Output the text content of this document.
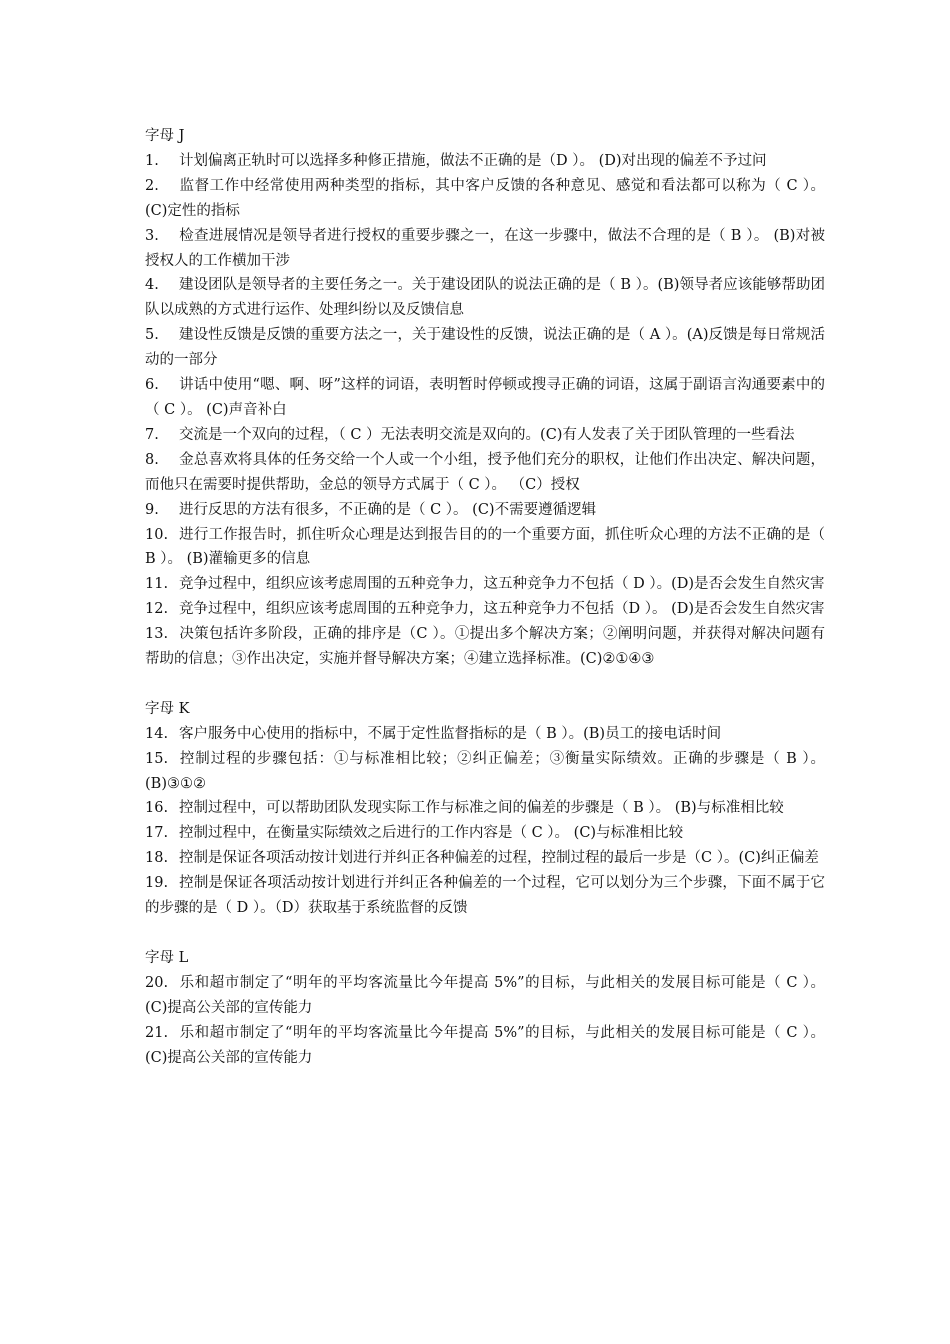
字母 J

1. 计划偏离正轨时可以选择多种修正措施，做法不正确的是（D ）。 (D)对出现的偏差不予过问

2. 监督工作中经常使用两种类型的指标，其中客户反馈的各种意见、感觉和看法都可以称为（ C ）。 (C)定性的指标

3. 检查进展情况是领导者进行授权的重要步骤之一，在这一步骤中，做法不合理的是（ B ）。 (B)对被授权人的工作横加干涉

4. 建设团队是领导者的主要任务之一。关于建设团队的说法正确的是（ B ）。(B)领导者应该能够帮助团队以成熟的方式进行运作、处理纠纷以及反馈信息

5. 建设性反馈是反馈的重要方法之一，关于建设性的反馈，说法正确的是（ A ）。(A)反馈是每日常规活动的一部分

6. 讲话中使用“嗯、啊、呀”这样的词语，表明暂时停顿或搜寻正确的词语，这属于副语言沟通要素中的（ C ）。 (C)声音补白

7. 交流是一个双向的过程，（ C ）无法表明交流是双向的。(C)有人发表了关于团队管理的一些看法

8. 金总喜欢将具体的任务交给一个人或一个小组，授予他们充分的职权，让他们作出决定、解决问题，而他只在需要时提供帮助，金总的领导方式属于（ C ）。 （C）授权

9. 进行反思的方法有很多，不正确的是（ C ）。 (C)不需要遵循逻辑

10. 进行工作报告时，抓住听众心理是达到报告目的的一个重要方面，抓住听众心理的方法不正确的是（ B ）。 (B)灌输更多的信息

11. 竞争过程中，组织应该考虑周围的五种竞争力，这五种竞争力不包括（ D ）。(D)是否会发生自然灾害

12. 竞争过程中，组织应该考虑周围的五种竞争力，这五种竞争力不包括（D ）。 (D)是否会发生自然灾害

13. 决策包括许多阶段，正确的排序是（C ）。①提出多个解决方案；②阐明问题，并获得对解决问题有帮助的信息；③作出决定，实施并督导解决方案；④建立选择标准。(C)②①④③

字母 K

14. 客户服务中心使用的指标中，不属于定性监督指标的是（ B ）。(B)员工的接电话时间

15. 控制过程的步骤包括：①与标准相比较；②纠正偏差；③衡量实际绩效。正确的步骤是（ B ）。 (B)③①②

16. 控制过程中，可以帮助团队发现实际工作与标准之间的偏差的步骤是（ B ）。 (B)与标准相比较

17. 控制过程中，在衡量实际绩效之后进行的工作内容是（ C ）。 (C)与标准相比较

18. 控制是保证各项活动按计划进行并纠正各种偏差的过程，控制过程的最后一步是（C ）。(C)纠正偏差

19. 控制是保证各项活动按计划进行并纠正各种偏差的一个过程，它可以划分为三个步骤，下面不属于它的步骤的是（ D ）。（D）获取基于系统监督的反馈

字母 L

20. 乐和超市制定了“明年的平均客流量比今年提高 5%”的目标，与此相关的发展目标可能是（ C ）。 (C)提高公关部的宣传能力

21. 乐和超市制定了“明年的平均客流量比今年提高 5%”的目标，与此相关的发展目标可能是（ C ）。 (C)提高公关部的宣传能力
